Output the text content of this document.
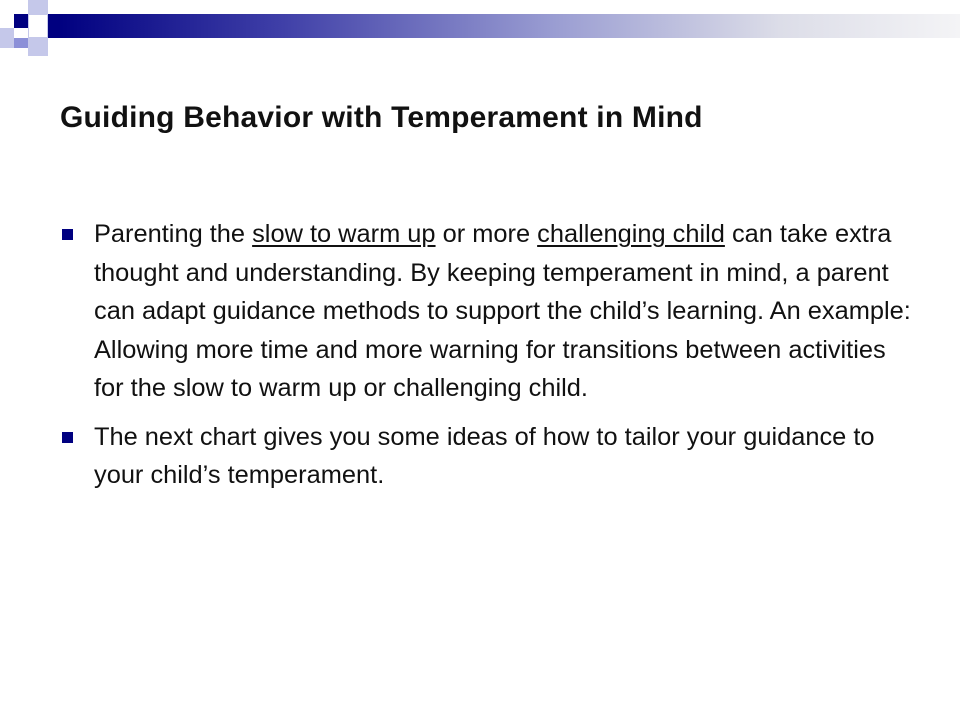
Guiding Behavior with Temperament in Mind
Parenting the slow to warm up or more challenging child can take extra thought and understanding. By keeping temperament in mind, a parent can adapt guidance methods to support the child’s learning. An example: Allowing more time and more warning for transitions between activities for the slow to warm up or challenging child.
The next chart gives you some ideas of how to tailor your guidance to your child’s temperament.
